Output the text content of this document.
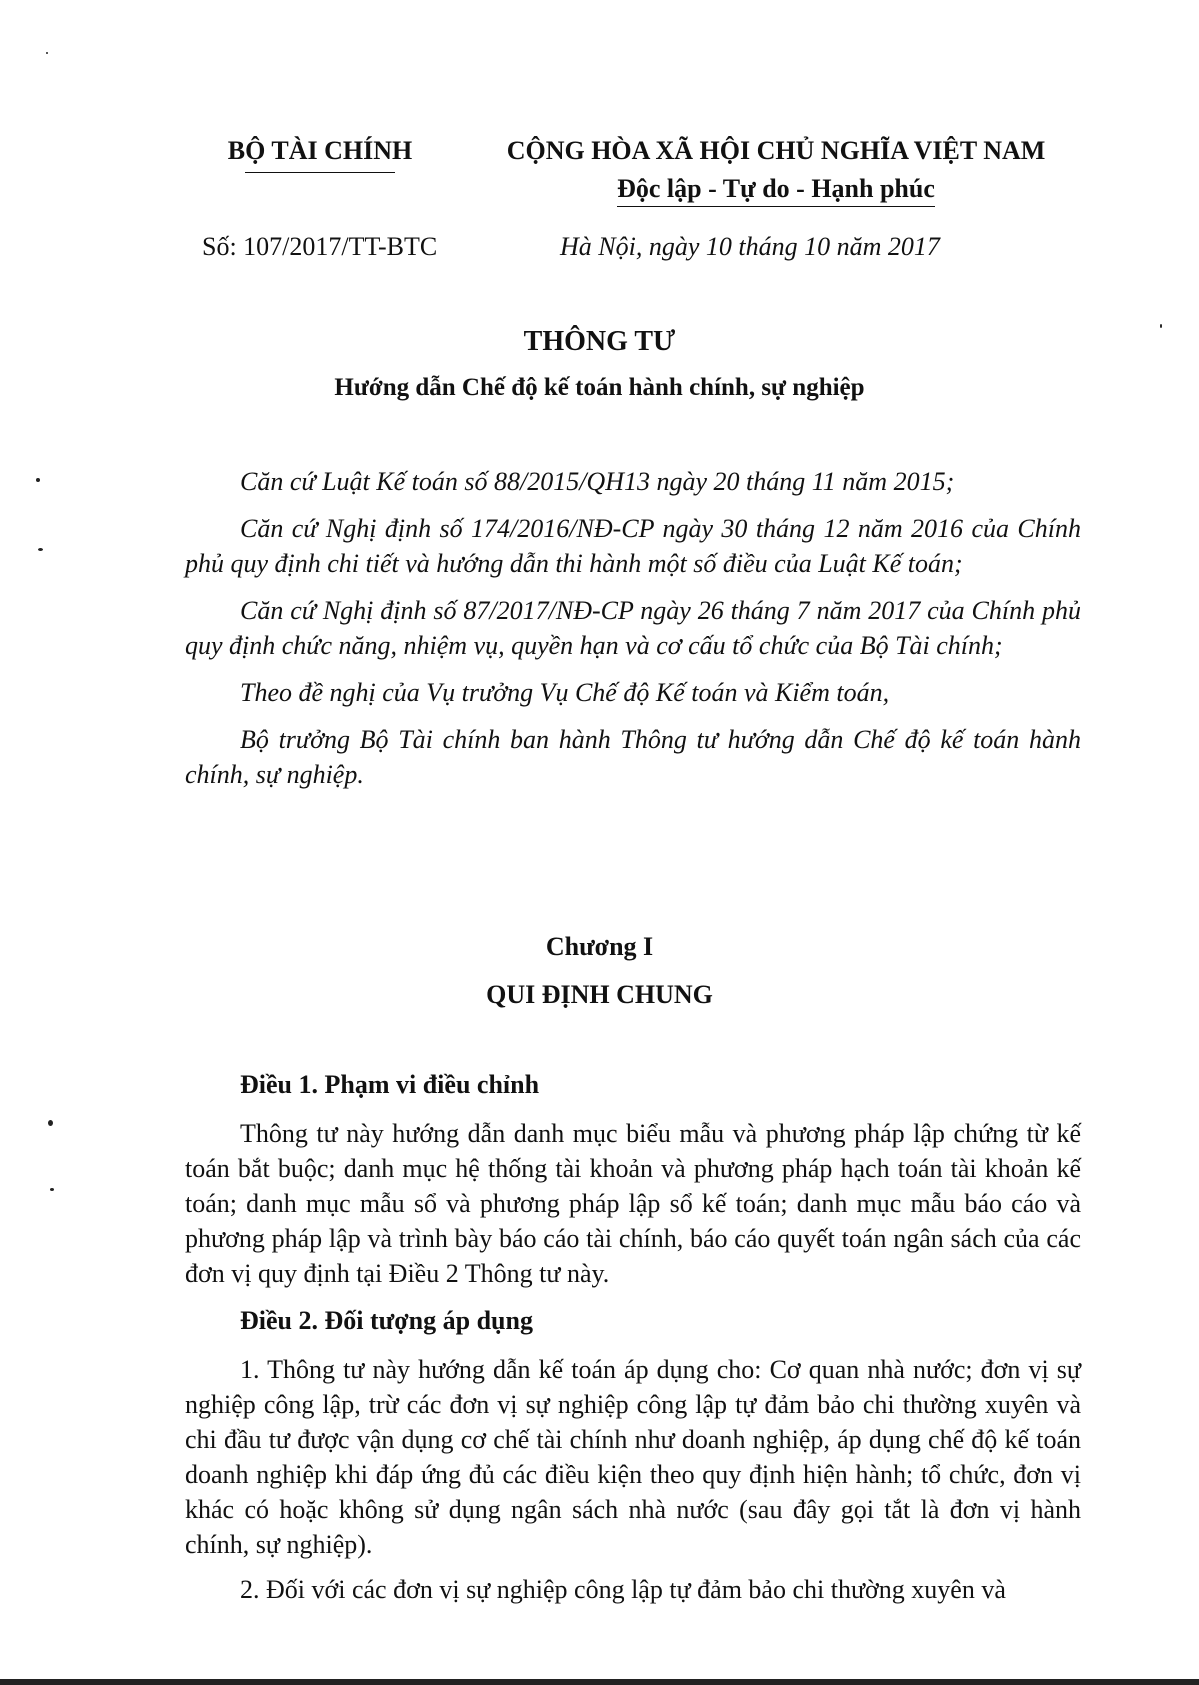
BỘ TÀI CHÍNH	CỘNG HÒA XÃ HỘI CHỦ NGHĨA VIỆT NAM
Độc lập - Tự do - Hạnh phúc
Số: 107/2017/TT-BTC	Hà Nội, ngày 10 tháng 10 năm 2017
THÔNG TƯ
Hướng dẫn Chế độ kế toán hành chính, sự nghiệp

Căn cứ Luật Kế toán số 88/2015/QH13 ngày 20 tháng 11 năm 2015;

Căn cứ Nghị định số 174/2016/NĐ-CP ngày 30 tháng 12 năm 2016 của Chính phủ quy định chi tiết và hướng dẫn thi hành một số điều của Luật Kế toán;

Căn cứ Nghị định số 87/2017/NĐ-CP ngày 26 tháng 7 năm 2017 của Chính phủ quy định chức năng, nhiệm vụ, quyền hạn và cơ cấu tổ chức của Bộ Tài chính;

Theo đề nghị của Vụ trưởng Vụ Chế độ Kế toán và Kiểm toán,

Bộ trưởng Bộ Tài chính ban hành Thông tư hướng dẫn Chế độ kế toán hành chính, sự nghiệp.

Chương I
QUI ĐỊNH CHUNG
Điều 1. Phạm vi điều chỉnh

Thông tư này hướng dẫn danh mục biểu mẫu và phương pháp lập chứng từ kế toán bắt buộc; danh mục hệ thống tài khoản và phương pháp hạch toán tài khoản kế toán; danh mục mẫu sổ và phương pháp lập sổ kế toán; danh mục mẫu báo cáo và phương pháp lập và trình bày báo cáo tài chính, báo cáo quyết toán ngân sách của các đơn vị quy định tại Điều 2 Thông tư này.

Điều 2. Đối tượng áp dụng

1. Thông tư này hướng dẫn kế toán áp dụng cho: Cơ quan nhà nước; đơn vị sự nghiệp công lập, trừ các đơn vị sự nghiệp công lập tự đảm bảo chi thường xuyên và chi đầu tư được vận dụng cơ chế tài chính như doanh nghiệp, áp dụng chế độ kế toán doanh nghiệp khi đáp ứng đủ các điều kiện theo quy định hiện hành; tổ chức, đơn vị khác có hoặc không sử dụng ngân sách nhà nước (sau đây gọi tắt là đơn vị hành chính, sự nghiệp).

2. Đối với các đơn vị sự nghiệp công lập tự đảm bảo chi thường xuyên và
